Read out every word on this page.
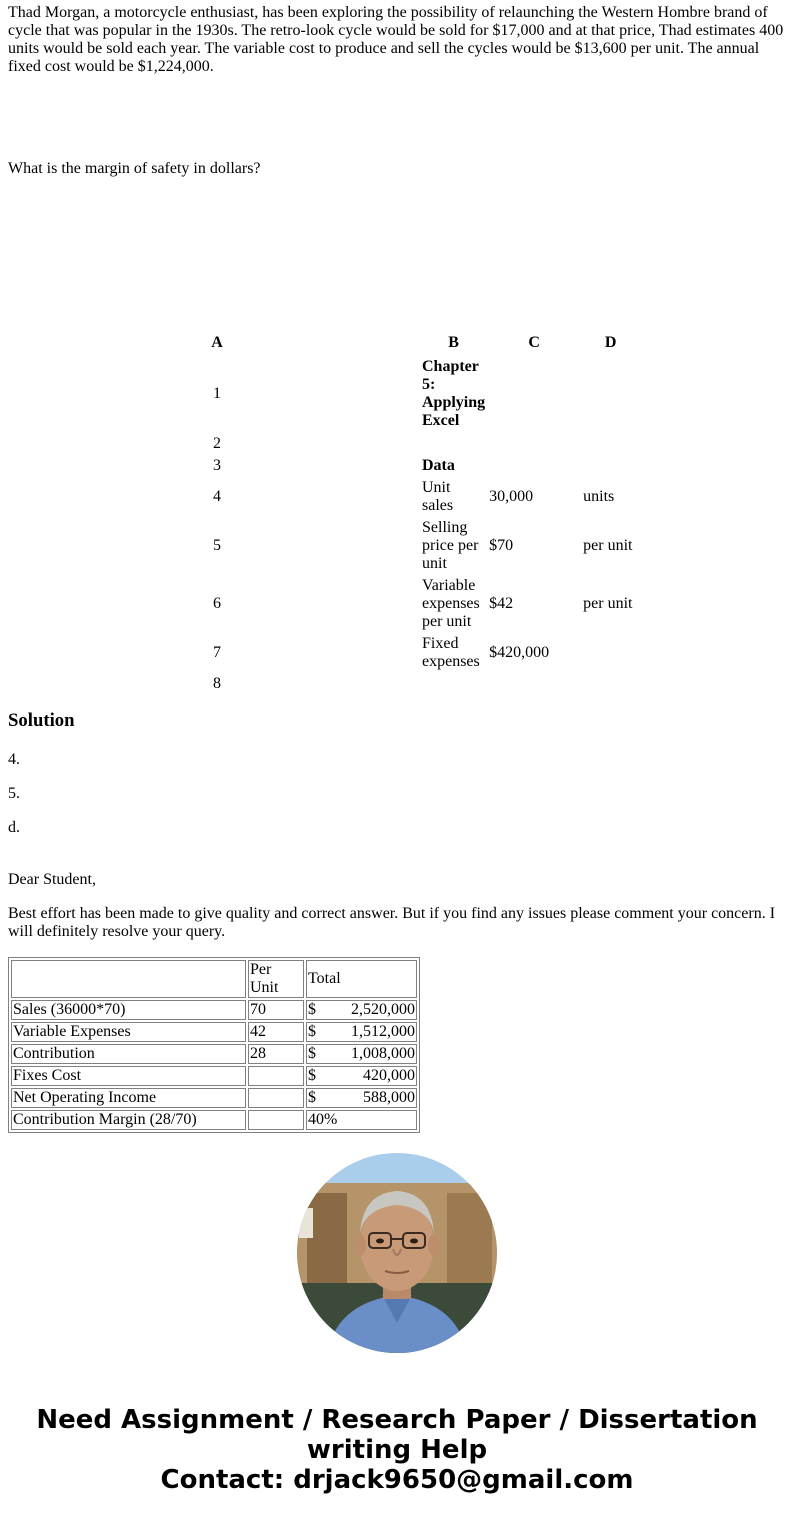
Thad Morgan, a motorcycle enthusiast, has been exploring the possibility of relaunching the Western Hombre brand of cycle that was popular in the 1930s. The retro-look cycle would be sold for $17,000 and at that price, Thad estimates 400 units would be sold each year. The variable cost to produce and sell the cycles would be $13,600 per unit. The annual fixed cost would be $1,224,000.

What is the margin of safety in dollars?

A		B	C	D
1		Chapter 5: Applying Excel		
2				
3		Data		
4		Unit sales	30,000	units
5		Selling price per unit	$70	per unit
6		Variable expenses per unit	$42	per unit
7		Fixed expenses	$420,000	
8				
Solution

4.

5.

d.

Dear Student,

Best effort has been made to give quality and correct answer. But if you find any issues please comment your concern. I will definitely resolve your query.

	Per Unit	Total
Sales (36000*70)	70	$ 2,520,000

Variable Expenses	42	$ 1,512,000

Contribution	28	$ 1,008,000

Fixes Cost		$ 420,000

Net Operating Income		$ 588,000

Contribution Margin (28/70)		40%

Need Assignment / Research Paper / Dissertation
writing Help
Contact: drjack9650@gmail.com
